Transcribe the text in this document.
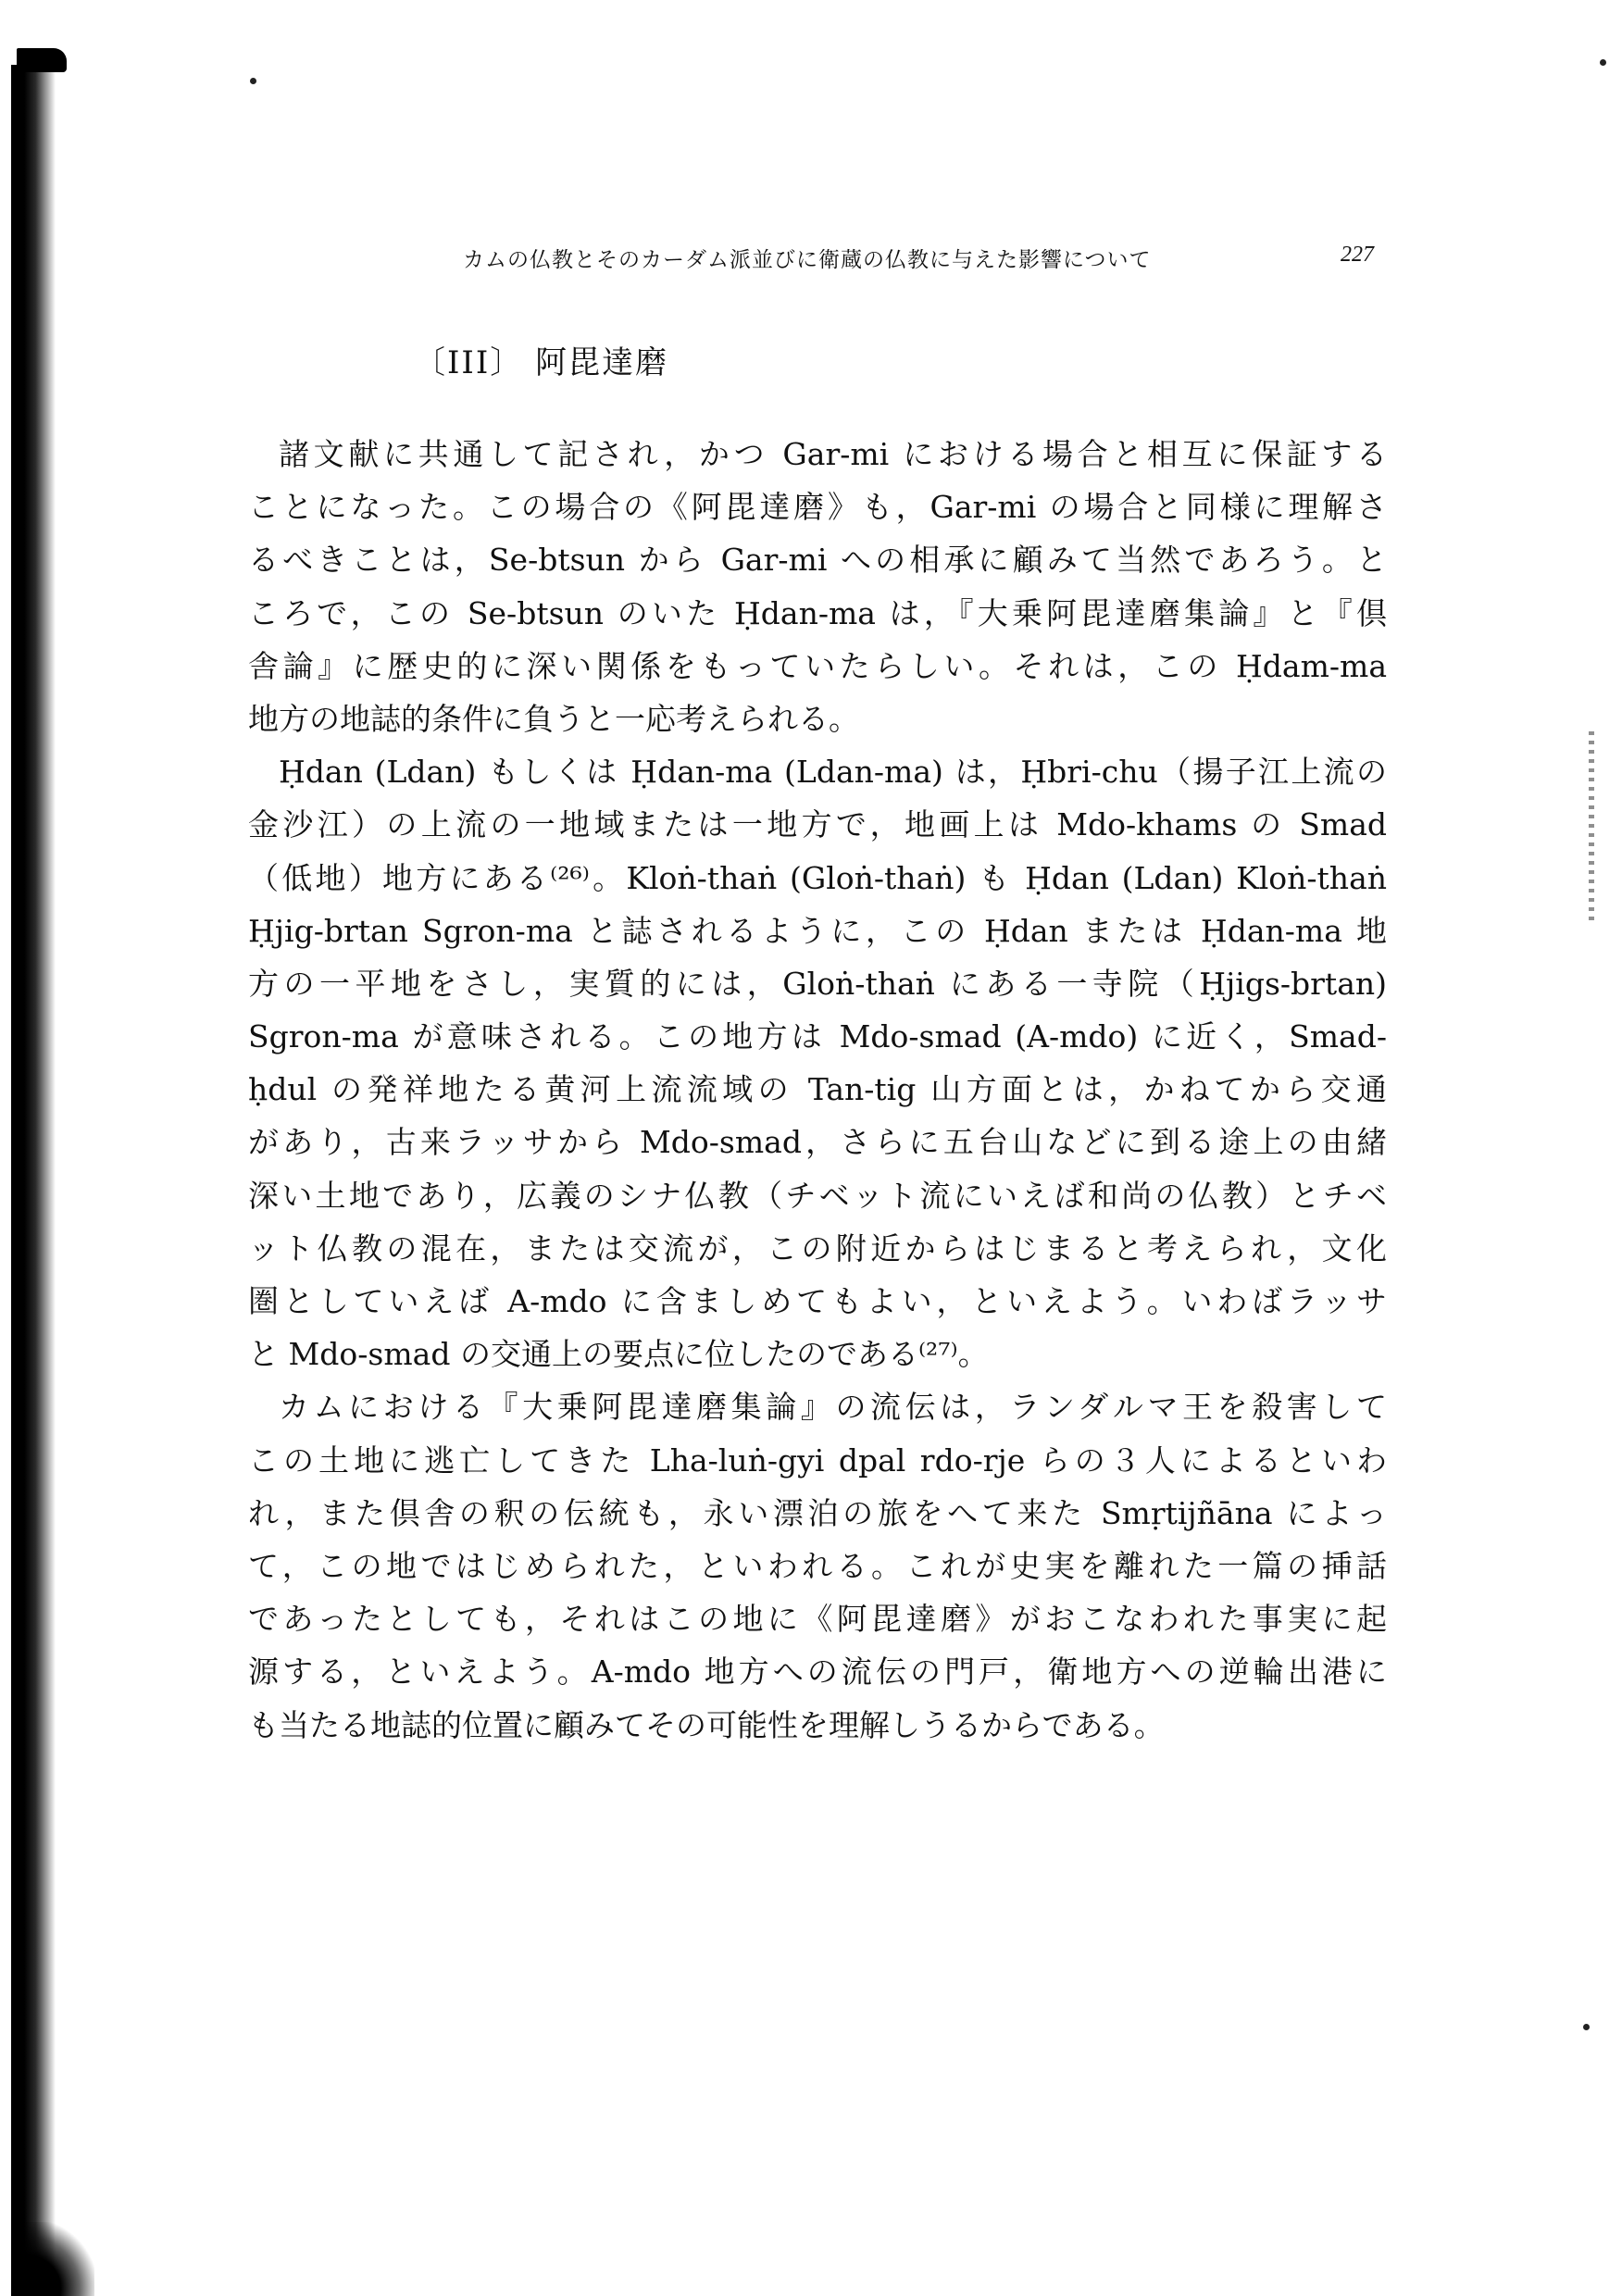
カムの仏教とそのカーダム派並びに衛蔵の仏教に与えた影響について	227
〔III〕 阿毘達磨
諸文献に共通して記され，かつ Gar-mi における場合と相互に保証する
ことになった。この場合の《阿毘達磨》も，Gar-mi の場合と同様に理解さ
るべきことは，Se-btsun から Gar-mi への相承に顧みて当然であろう。と
ころで，この Se-btsun のいた Ḥdan-ma は，『大乗阿毘達磨集論』と『倶
舎論』に歴史的に深い関係をもっていたらしい。それは，この Ḥdam-ma
地方の地誌的条件に負うと一応考えられる。
Ḥdan (Ldan) もしくは Ḥdan-ma (Ldan-ma) は，Ḥbri-chu（揚子江上流の
金沙江）の上流の一地域または一地方で，地画上は Mdo-khams の Smad
（低地）地方にある⁽²⁶⁾。Kloṅ-thaṅ (Gloṅ-thaṅ) も Ḥdan (Ldan) Kloṅ-thaṅ
Ḥjig-brtan Sgron-ma と誌されるように，この Ḥdan または Ḥdan-ma 地
方の一平地をさし，実質的には，Gloṅ-thaṅ にある一寺院（Ḥjigs-brtan)
Sgron-ma が意味される。この地方は Mdo-smad (A-mdo) に近く，Smad-
ḥdul の発祥地たる黄河上流流域の Tan-tig 山方面とは，かねてから交通
があり，古来ラッサから Mdo-smad，さらに五台山などに到る途上の由緒
深い土地であり，広義のシナ仏教（チベット流にいえば和尚の仏教）とチベ
ット仏教の混在，または交流が，この附近からはじまると考えられ，文化
圏としていえば A-mdo に含ましめてもよい，といえよう。いわばラッサ
と Mdo-smad の交通上の要点に位したのである⁽²⁷⁾。
カムにおける『大乗阿毘達磨集論』の流伝は，ランダルマ王を殺害して
この土地に逃亡してきた Lha-luṅ-gyi dpal rdo-rje らの３人によるといわ
れ，また倶舎の釈の伝統も，永い漂泊の旅をへて来た Smṛtijñāna によっ
て，この地ではじめられた，といわれる。これが史実を離れた一篇の挿話
であったとしても，それはこの地に《阿毘達磨》がおこなわれた事実に起
源する，といえよう。A-mdo 地方への流伝の門戸，衛地方への逆輪出港に
も当たる地誌的位置に顧みてその可能性を理解しうるからである。
